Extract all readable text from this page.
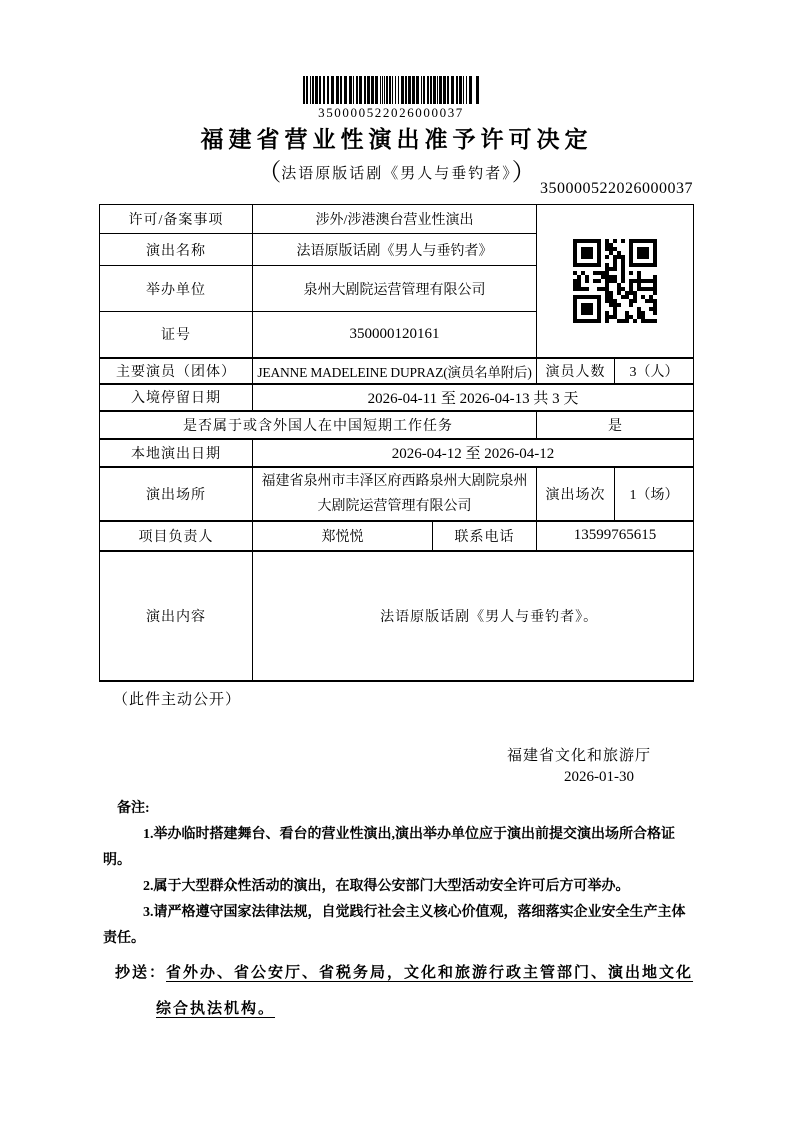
350000522026000037
福建省营业性演出准予许可决定
（法语原版话剧《男人与垂钓者》）
350000522026000037
许可/备案事项	涉外/涉港澳台营业性演出	
演出名称	法语原版话剧《男人与垂钓者》			
举办单位	泉州大剧院运营管理有限公司			
证号	350000120161			
主要演员（团体）	JEANNE MADELEINE DUPRAZ(演员名单附后)		演员人数	3（人）
入境停留日期	2026-04-11 至 2026-04-13 共 3 天			
是否属于或含外国人在中国短期工作任务			是	
本地演出日期	2026-04-12 至 2026-04-12			
演出场所	福建省泉州市丰泽区府西路泉州大剧院泉州大剧院运营管理有限公司		演出场次	1（场）
项目负责人	郑悦悦	联系电话	13599765615	
演出内容	法语原版话剧《男人与垂钓者》。			
（此件主动公开）
福建省文化和旅游厅
2026-01-30
备注:

1.举办临时搭建舞台、看台的营业性演出,演出举办单位应于演出前提交演出场所合格证明。

2.属于大型群众性活动的演出，在取得公安部门大型活动安全许可后方可举办。

3.请严格遵守国家法律法规，自觉践行社会主义核心价值观，落细落实企业安全生产主体责任。

抄送：省外办、省公安厅、省税务局，文化和旅游行政主管部门、演出地文化综合执法机构。
